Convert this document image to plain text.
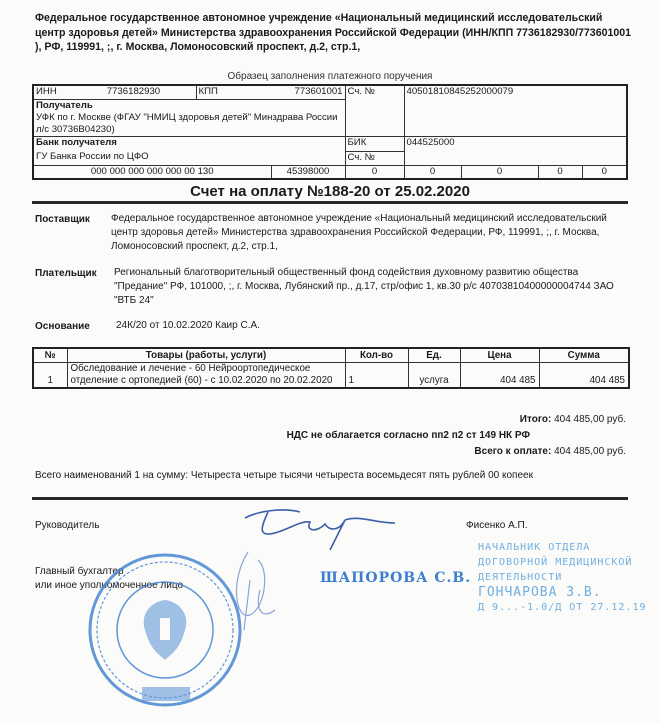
Федеральное государственное автономное учреждение «Национальный медицинский исследовательский центр здоровья детей» Министерства здравоохранения Российской Федерации (ИНН/КПП 7736182930/773601001 ), РФ, 119991, ;, г. Москва, Ломоносовский проспект, д.2, стр.1,
Образец заполнения платежного поручения
ИНН 7736182930	КПП 773601001		Сч. №	40501810845252000079			

Получатель
УФК по г. Москве (ФГАУ "НМИЦ здоровья детей" Минздрава России л/с 30736В04230)							

Банк получателя			БИК	044525000			
ГУ Банка России по ЦФО			Сч. №				
000 000 000 000 000 00 130		45398000	0	0	0	0	0
Счет на оплату №188-20 от 25.02.2020
Поставщик Федеральное государственное автономное учреждение «Национальный медицинский исследовательский центр здоровья детей» Министерства здравоохранения Российской Федерации, РФ, 119991, ;, г. Москва, Ломоносовский проспект, д.2, стр.1,
Плательщик Региональный благотворительный общественный фонд содействия духовному развитию общества "Предание" РФ, 101000, ;, г. Москва, Лубянский пр., д.17, стр/офис 1, кв.30 р/с 40703810400000004744 ЗАО "ВТБ 24"
Основание	24К/20 от 10.02.2020 Каир С.А.
№	Товары (работы, услуги)	Кол-во	Ед.	Цена	Сумма
1	Обследование и лечение - 60 Нейроортопедическое отделение с ортопедией (60) - с 10.02.2020 по 20.02.2020	1	услуга	404 485	404 485
Итого: 404 485,00 руб.
НДС не облагается согласно пп2 п2 ст 149 НК РФ
Всего к оплате: 404 485,00 руб.
Всего наименований 1 на сумму: Четыреста четыре тысячи четыреста восемьдесят пять рублей 00 копеек
Руководитель	Фисенко А.П.
Главный бухгалтер
или иное уполномоченное лицо
НАЧАЛЬНИК ОТДЕЛА
ДОГОВОРНОЙ МЕДИЦИНСКОЙ
ДЕЯТЕЛЬНОСТИ
ГОНЧАРОВА З.В.
Д 9...-1.0/Д ОТ 27.12.19
ШАПОРОВА С.В.
